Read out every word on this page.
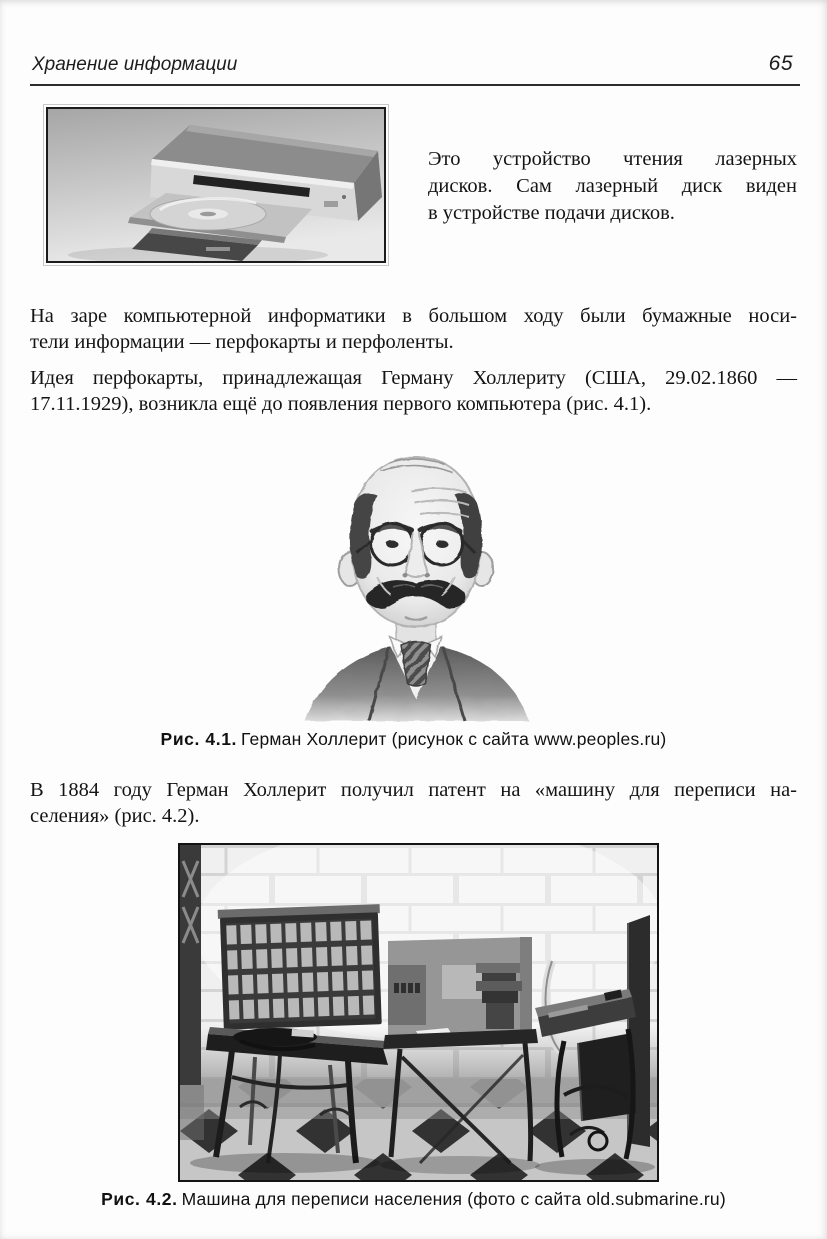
Хранение информации	65
Это устройство чтения лазерных
дисков. Сам лазерный диск виден
в устройстве подачи дисков.
На заре компьютерной информатики в большом ходу были бумажные носи-
тели информации — перфокарты и перфоленты.
Идея перфокарты, принадлежащая Герману Холлериту (США, 29.02.1860 —
17.11.1929), возникла ещё до появления первого компьютера (рис. 4.1).
Рис. 4.1. Герман Холлерит (рисунок с сайта www.peoples.ru)
В 1884 году Герман Холлерит получил патент на «машину для переписи на-
селения» (рис. 4.2).
Рис. 4.2. Машина для переписи населения (фото с сайта old.submarine.ru)
